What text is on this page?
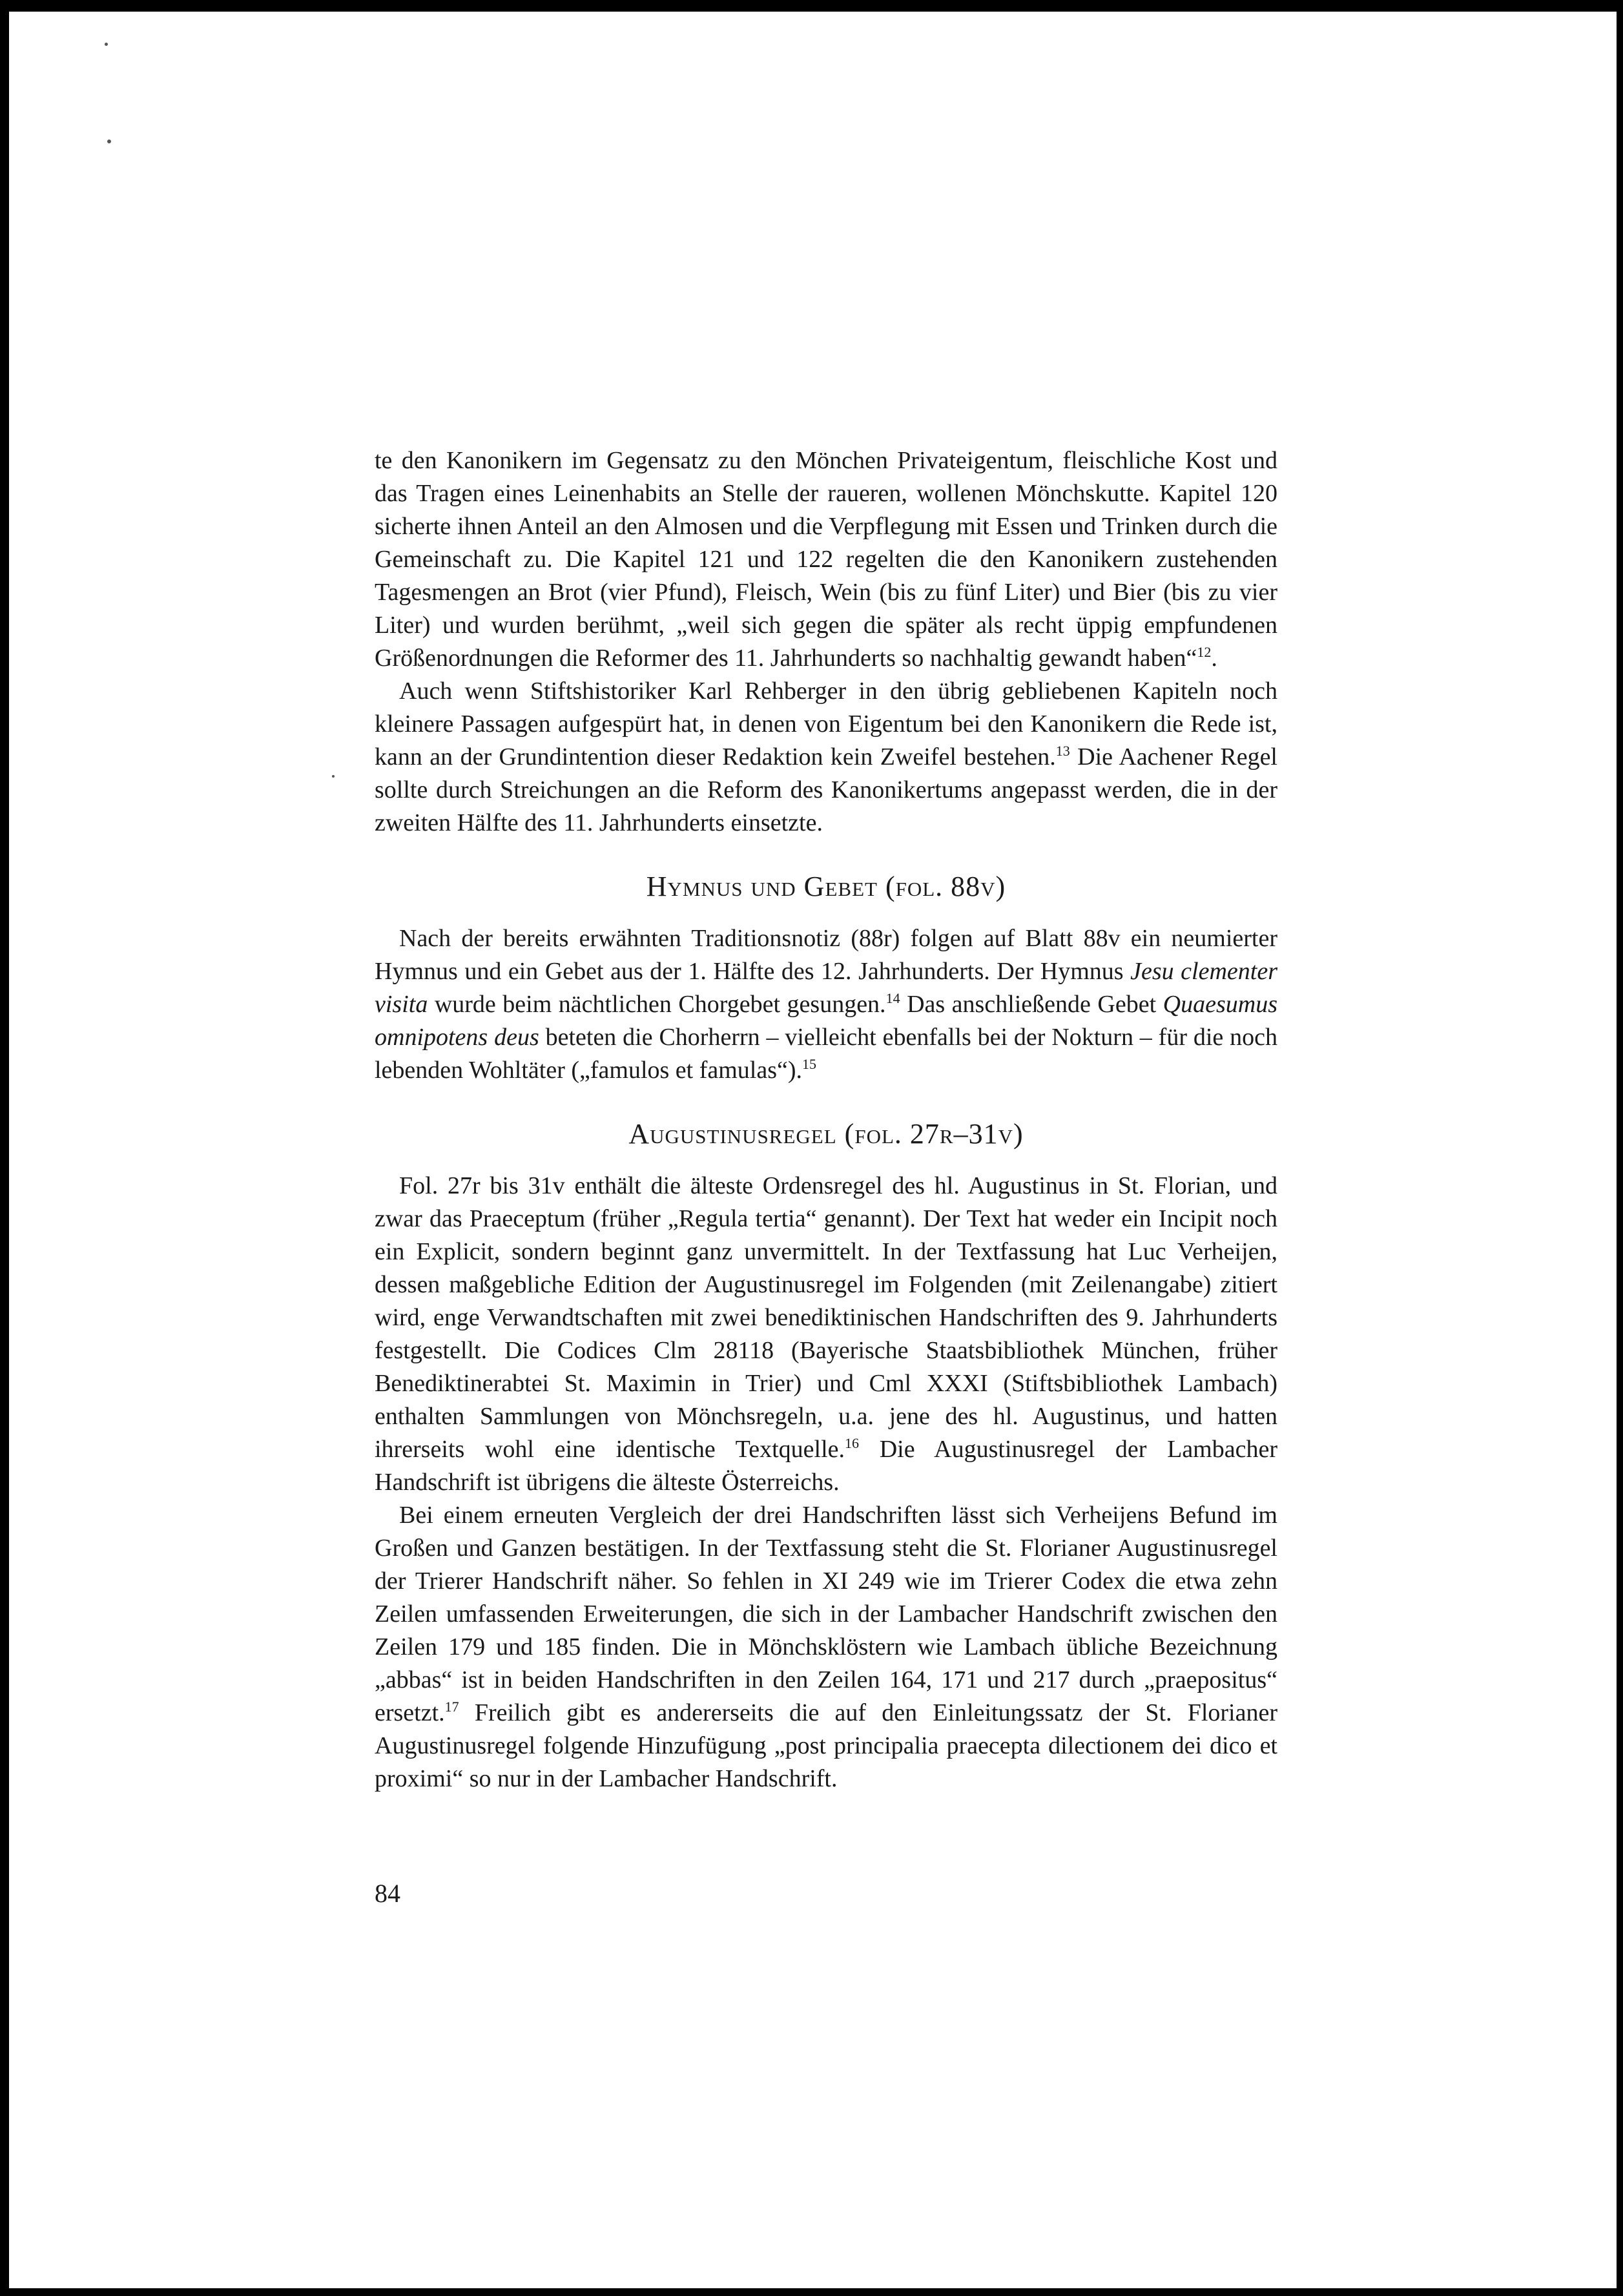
te den Kanonikern im Gegensatz zu den Mönchen Privateigentum, fleischliche Kost und das Tragen eines Leinenhabits an Stelle der raueren, wollenen Mönchskutte. Kapitel 120 sicherte ihnen Anteil an den Almosen und die Verpflegung mit Essen und Trinken durch die Gemeinschaft zu. Die Kapitel 121 und 122 regelten die den Kanonikern zustehenden Tagesmengen an Brot (vier Pfund), Fleisch, Wein (bis zu fünf Liter) und Bier (bis zu vier Liter) und wurden berühmt, „weil sich gegen die später als recht üppig empfundenen Größenordnungen die Reformer des 11. Jahrhunderts so nachhaltig gewandt haben“$^{12}$.

Auch wenn Stiftshistoriker Karl Rehberger in den übrig gebliebenen Kapiteln noch kleinere Passagen aufgespürt hat, in denen von Eigentum bei den Kanonikern die Rede ist, kann an der Grundintention dieser Redaktion kein Zweifel bestehen.$^{13}$ Die Aachener Regel sollte durch Streichungen an die Reform des Kanonikertums angepasst werden, die in der zweiten Hälfte des 11. Jahrhunderts einsetzte.

Hymnus und Gebet (fol. 88v)

Nach der bereits erwähnten Traditionsnotiz (88r) folgen auf Blatt 88v ein neumierter Hymnus und ein Gebet aus der 1. Hälfte des 12. Jahrhunderts. Der Hymnus Jesu clementer visita wurde beim nächtlichen Chorgebet gesungen.$^{14}$ Das anschließende Gebet Quaesumus omnipotens deus beteten die Chorherrn – vielleicht ebenfalls bei der Nokturn – für die noch lebenden Wohltäter („famulos et famulas“).$^{15}$

Augustinusregel (fol. 27r–31v)

Fol. 27r bis 31v enthält die älteste Ordensregel des hl. Augustinus in St. Florian, und zwar das Praeceptum (früher „Regula tertia“ genannt). Der Text hat weder ein Incipit noch ein Explicit, sondern beginnt ganz unvermittelt. In der Textfassung hat Luc Verheijen, dessen maßgebliche Edition der Augustinusregel im Folgenden (mit Zeilenangabe) zitiert wird, enge Verwandtschaften mit zwei benediktinischen Handschriften des 9. Jahrhunderts festgestellt. Die Codices Clm 28118 (Bayerische Staatsbibliothek München, früher Benediktinerabtei St. Maximin in Trier) und Cml XXXI (Stiftsbibliothek Lambach) enthalten Sammlungen von Mönchsregeln, u.a. jene des hl. Augustinus, und hatten ihrerseits wohl eine identische Textquelle.$^{16}$ Die Augustinusregel der Lambacher Handschrift ist übrigens die älteste Österreichs.

Bei einem erneuten Vergleich der drei Handschriften lässt sich Verheijens Befund im Großen und Ganzen bestätigen. In der Textfassung steht die St. Florianer Augustinusregel der Trierer Handschrift näher. So fehlen in XI 249 wie im Trierer Codex die etwa zehn Zeilen umfassenden Erweiterungen, die sich in der Lambacher Handschrift zwischen den Zeilen 179 und 185 finden. Die in Mönchsklöstern wie Lambach übliche Bezeichnung „abbas“ ist in beiden Handschriften in den Zeilen 164, 171 und 217 durch „praepositus“ ersetzt.$^{17}$ Freilich gibt es andererseits die auf den Einleitungssatz der St. Florianer Augustinusregel folgende Hinzufügung „post principalia praecepta dilectionem dei dico et proximi“ so nur in der Lambacher Handschrift.

84
